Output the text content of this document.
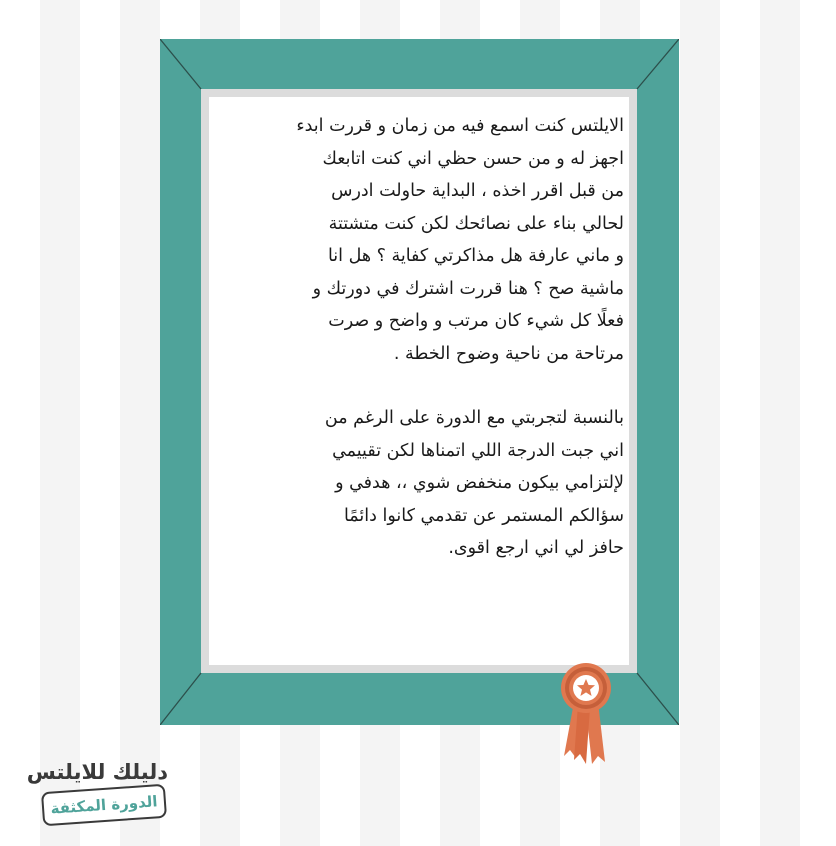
الايلتس كنت اسمع فيه من زمان و قررت ابدء
اجهز له و من حسن حظي اني كنت اتابعك
من قبل اقرر اخذه ، البداية حاولت ادرس
لحالي بناء على نصائحك لكن كنت متشتتة
و ماني عارفة هل مذاكرتي كفاية ؟ هل انا
ماشية صح ؟ هنا قررت اشترك في دورتك و
فعلًا كل شيء كان مرتب و واضح و صرت
مرتاحة من ناحية وضوح الخطة .

بالنسبة لتجربتي مع الدورة على الرغم من
اني جبت الدرجة اللي اتمناها لكن تقييمي
لإلتزامي بيكون منخفض شوي ،، هدفي و
سؤالكم المستمر عن تقدمي كانوا دائمًا
حافز لي اني ارجع اقوى.

دليلك للايلتس
الدورة المكثفة
